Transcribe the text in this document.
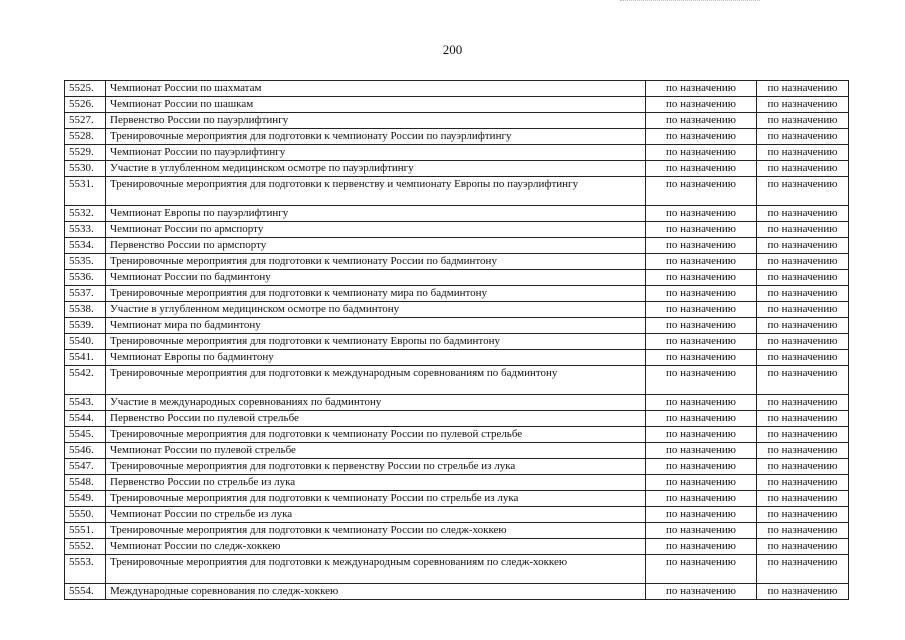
200
5525.	Чемпионат России по шахматам	по назначению	по назначению
5526.	Чемпионат России по шашкам	по назначению	по назначению
5527.	Первенство России по пауэрлифтингу	по назначению	по назначению
5528.	Тренировочные мероприятия для подготовки к чемпионату России по пауэрлифтингу	по назначению	по назначению
5529.	Чемпионат России по пауэрлифтингу	по назначению	по назначению
5530.	Участие в углубленном медицинском осмотре по пауэрлифтингу	по назначению	по назначению
5531.	Тренировочные мероприятия для подготовки к первенству и чемпионату Европы по пауэрлифтингу	по назначению	по назначению
5532.	Чемпионат Европы по пауэрлифтингу	по назначению	по назначению
5533.	Чемпионат России по армспорту	по назначению	по назначению
5534.	Первенство России по армспорту	по назначению	по назначению
5535.	Тренировочные мероприятия для подготовки к чемпионату России по бадминтону	по назначению	по назначению
5536.	Чемпионат России по бадминтону	по назначению	по назначению
5537.	Тренировочные мероприятия для подготовки к чемпионату мира по бадминтону	по назначению	по назначению
5538.	Участие в углубленном медицинском осмотре по бадминтону	по назначению	по назначению
5539.	Чемпионат мира по бадминтону	по назначению	по назначению
5540.	Тренировочные мероприятия для подготовки к чемпионату Европы по бадминтону	по назначению	по назначению
5541.	Чемпионат Европы по бадминтону	по назначению	по назначению
5542.	Тренировочные мероприятия для подготовки к международным соревнованиям по бадминтону	по назначению	по назначению
5543.	Участие в международных соревнованиях по бадминтону	по назначению	по назначению
5544.	Первенство России по пулевой стрельбе	по назначению	по назначению
5545.	Тренировочные мероприятия для подготовки к чемпионату России по пулевой стрельбе	по назначению	по назначению
5546.	Чемпионат России по пулевой стрельбе	по назначению	по назначению
5547.	Тренировочные мероприятия для подготовки к первенству России по стрельбе из лука	по назначению	по назначению
5548.	Первенство России по стрельбе из лука	по назначению	по назначению
5549.	Тренировочные мероприятия для подготовки к чемпионату России по стрельбе из лука	по назначению	по назначению
5550.	Чемпионат России по стрельбе из лука	по назначению	по назначению
5551.	Тренировочные мероприятия для подготовки к чемпионату России по следж-хоккею	по назначению	по назначению
5552.	Чемпионат России по следж-хоккею	по назначению	по назначению
5553.	Тренировочные мероприятия для подготовки к международным соревнованиям по следж-хоккею	по назначению	по назначению
5554.	Международные соревнования по следж-хоккею	по назначению	по назначению
